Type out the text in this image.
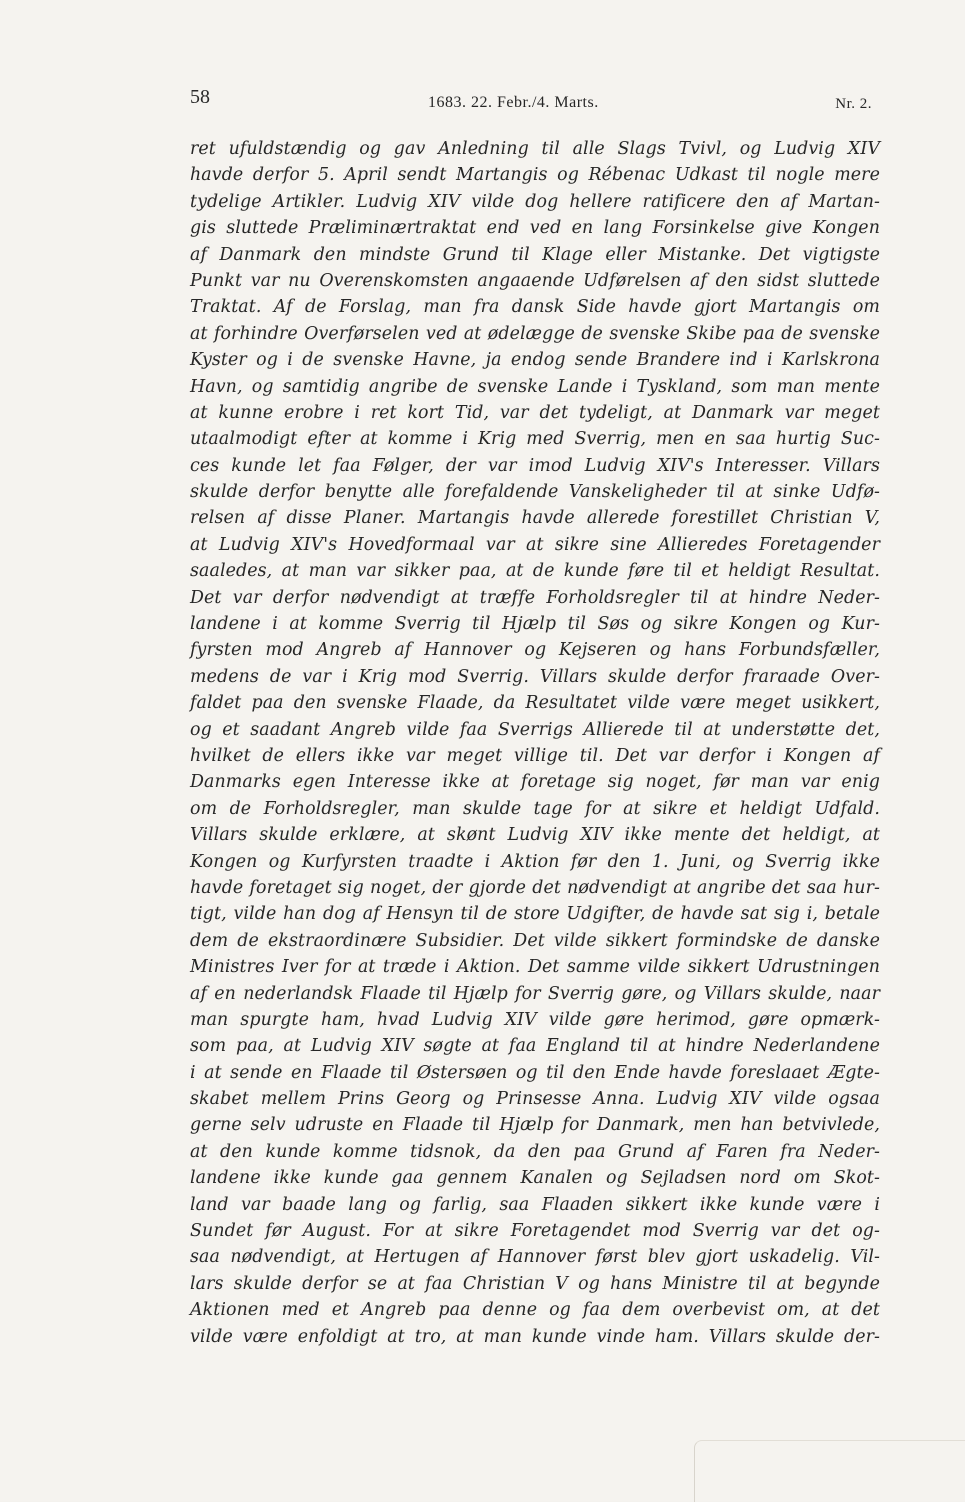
58	1683. 22. Febr./4. Marts.	Nr. 2.
ret ufuldstændig og gav Anledning til alle Slags Tvivl, og Ludvig XIV
havde derfor 5. April sendt Martangis og Rébenac Udkast til nogle mere
tydelige Artikler. Ludvig XIV vilde dog hellere ratificere den af Martan-
gis sluttede Præliminærtraktat end ved en lang Forsinkelse give Kongen
af Danmark den mindste Grund til Klage eller Mistanke. Det vigtigste
Punkt var nu Overenskomsten angaaende Udførelsen af den sidst sluttede
Traktat. Af de Forslag, man fra dansk Side havde gjort Martangis om
at forhindre Overførselen ved at ødelægge de svenske Skibe paa de svenske
Kyster og i de svenske Havne, ja endog sende Brandere ind i Karlskrona
Havn, og samtidig angribe de svenske Lande i Tyskland, som man mente
at kunne erobre i ret kort Tid, var det tydeligt, at Danmark var meget
utaalmodigt efter at komme i Krig med Sverrig, men en saa hurtig Suc-
ces kunde let faa Følger, der var imod Ludvig XIV's Interesser. Villars
skulde derfor benytte alle forefaldende Vanskeligheder til at sinke Udfø-
relsen af disse Planer. Martangis havde allerede forestillet Christian V,
at Ludvig XIV's Hovedformaal var at sikre sine Allieredes Foretagender
saaledes, at man var sikker paa, at de kunde føre til et heldigt Resultat.
Det var derfor nødvendigt at træffe Forholdsregler til at hindre Neder-
landene i at komme Sverrig til Hjælp til Søs og sikre Kongen og Kur-
fyrsten mod Angreb af Hannover og Kejseren og hans Forbundsfæller,
medens de var i Krig mod Sverrig. Villars skulde derfor fraraade Over-
faldet paa den svenske Flaade, da Resultatet vilde være meget usikkert,
og et saadant Angreb vilde faa Sverrigs Allierede til at understøtte det,
hvilket de ellers ikke var meget villige til. Det var derfor i Kongen af
Danmarks egen Interesse ikke at foretage sig noget, før man var enig
om de Forholdsregler, man skulde tage for at sikre et heldigt Udfald.
Villars skulde erklære, at skønt Ludvig XIV ikke mente det heldigt, at
Kongen og Kurfyrsten traadte i Aktion før den 1. Juni, og Sverrig ikke
havde foretaget sig noget, der gjorde det nødvendigt at angribe det saa hur-
tigt, vilde han dog af Hensyn til de store Udgifter, de havde sat sig i, betale
dem de ekstraordinære Subsidier. Det vilde sikkert formindske de danske
Ministres Iver for at træde i Aktion. Det samme vilde sikkert Udrustningen
af en nederlandsk Flaade til Hjælp for Sverrig gøre, og Villars skulde, naar
man spurgte ham, hvad Ludvig XIV vilde gøre herimod, gøre opmærk-
som paa, at Ludvig XIV søgte at faa England til at hindre Nederlandene
i at sende en Flaade til Østersøen og til den Ende havde foreslaaet Ægte-
skabet mellem Prins Georg og Prinsesse Anna. Ludvig XIV vilde ogsaa
gerne selv udruste en Flaade til Hjælp for Danmark, men han betvivlede,
at den kunde komme tidsnok, da den paa Grund af Faren fra Neder-
landene ikke kunde gaa gennem Kanalen og Sejladsen nord om Skot-
land var baade lang og farlig, saa Flaaden sikkert ikke kunde være i
Sundet før August. For at sikre Foretagendet mod Sverrig var det og-
saa nødvendigt, at Hertugen af Hannover først blev gjort uskadelig. Vil-
lars skulde derfor se at faa Christian V og hans Ministre til at begynde
Aktionen med et Angreb paa denne og faa dem overbevist om, at det
vilde være enfoldigt at tro, at man kunde vinde ham. Villars skulde der-
